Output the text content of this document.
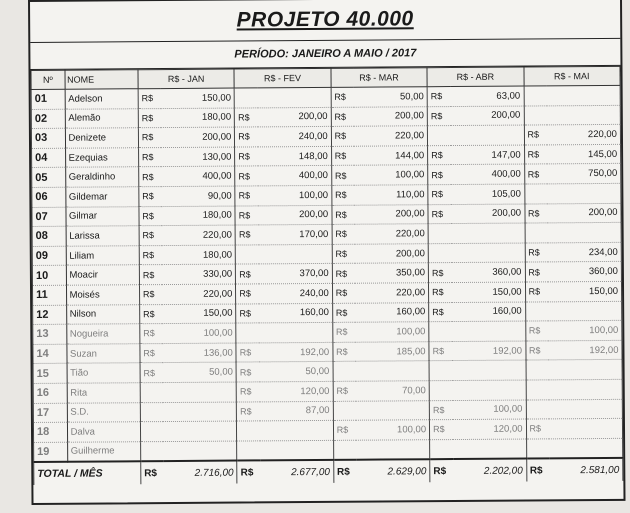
PROJETO 40.000
PERÍODO: JANEIRO A MAIO / 2017
Nº	NOME	R$ - JAN		R$ - FEV		R$ - MAR		R$ - ABR		R$ - MAI	
01	Adelson	R$	150,00			R$	50,00	R$	63,00		
02	Alemão	R$	180,00	R$	200,00	R$	200,00	R$	200,00		
03	Denizete	R$	200,00	R$	240,00	R$	220,00			R$	220,00
04	Ezequias	R$	130,00	R$	148,00	R$	144,00	R$	147,00	R$	145,00
05	Geraldinho	R$	400,00	R$	400,00	R$	100,00	R$	400,00	R$	750,00
06	Gildemar	R$	90,00	R$	100,00	R$	110,00	R$	105,00		
07	Gilmar	R$	180,00	R$	200,00	R$	200,00	R$	200,00	R$	200,00
08	Larissa	R$	220,00	R$	170,00	R$	220,00				
09	Liliam	R$	180,00			R$	200,00			R$	234,00
10	Moacir	R$	330,00	R$	370,00	R$	350,00	R$	360,00	R$	360,00
11	Moisés	R$	220,00	R$	240,00	R$	220,00	R$	150,00	R$	150,00
12	Nilson	R$	150,00	R$	160,00	R$	160,00	R$	160,00		
13	Nogueira	R$	100,00			R$	100,00			R$	100,00
14	Suzan	R$	136,00	R$	192,00	R$	185,00	R$	192,00	R$	192,00
15	Tião	R$	50,00	R$	50,00						
16	Rita			R$	120,00	R$	70,00				
17	S.D.			R$	87,00			R$	100,00		
18	Dalva					R$	100,00	R$	120,00	R$	
19	Guilherme										
TOTAL / MÊS		R$	2.716,00	R$	2.677,00	R$	2.629,00	R$	2.202,00	R$	2.581,00
